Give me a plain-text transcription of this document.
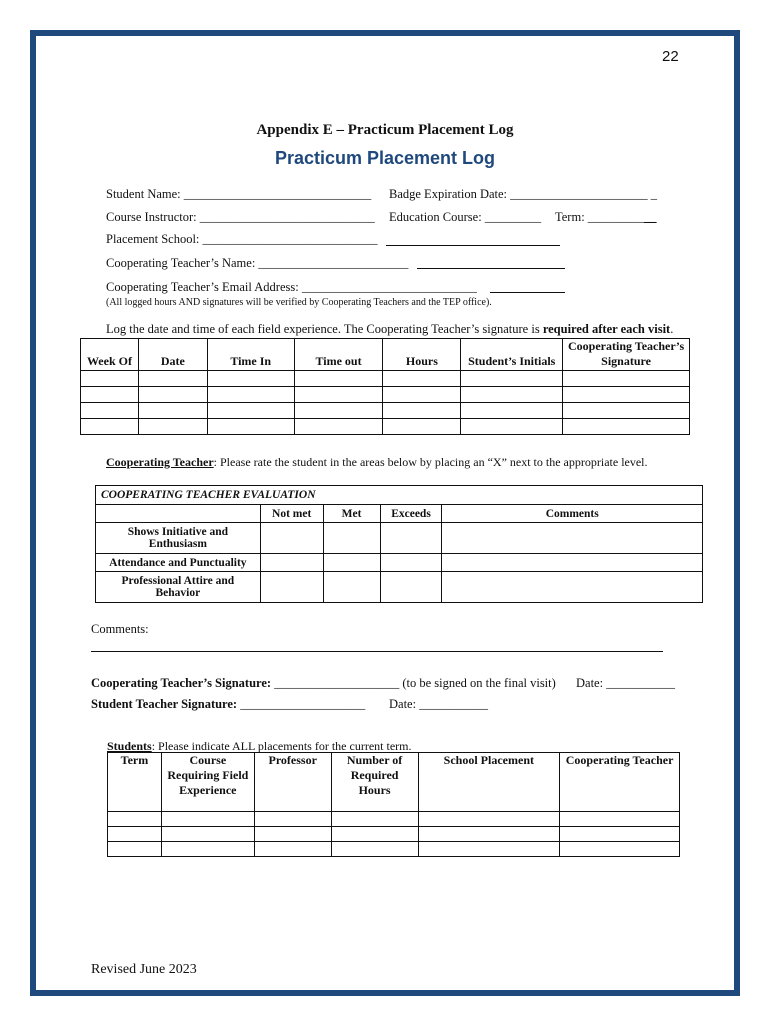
22
Appendix E – Practicum Placement Log
Practicum Placement Log
Student Name: ______________________________ Badge Expiration Date: ______________________ _
Course Instructor: ____________________________ Education Course: _________ Term: ___________
Placement School: ____________________________
Cooperating Teacher’s Name: ________________________
Cooperating Teacher’s Email Address: ____________________________
(All logged hours AND signatures will be verified by Cooperating Teachers and the TEP office).
Log the date and time of each field experience. The Cooperating Teacher’s signature is required after each visit.
Week Of	Date	Time In	Time out	Hours	Student’s Initials	Cooperating Teacher’s Signature

Cooperating Teacher: Please rate the student in the areas below by placing an “X” next to the appropriate level.
COOPERATING TEACHER EVALUATION				
	Not met	Met	Exceeds	Comments
Shows Initiative and Enthusiasm				
Attendance and Punctuality				
Professional Attire and Behavior				
Comments:
Cooperating Teacher’s Signature: ____________________ (to be signed on the final visit) Date: ___________
Student Teacher Signature: ____________________ Date: ___________
Students: Please indicate ALL placements for the current term.
Term	Course Requiring Field Experience	Professor	Number of Required Hours	School Placement	Cooperating Teacher

Revised June 2023
